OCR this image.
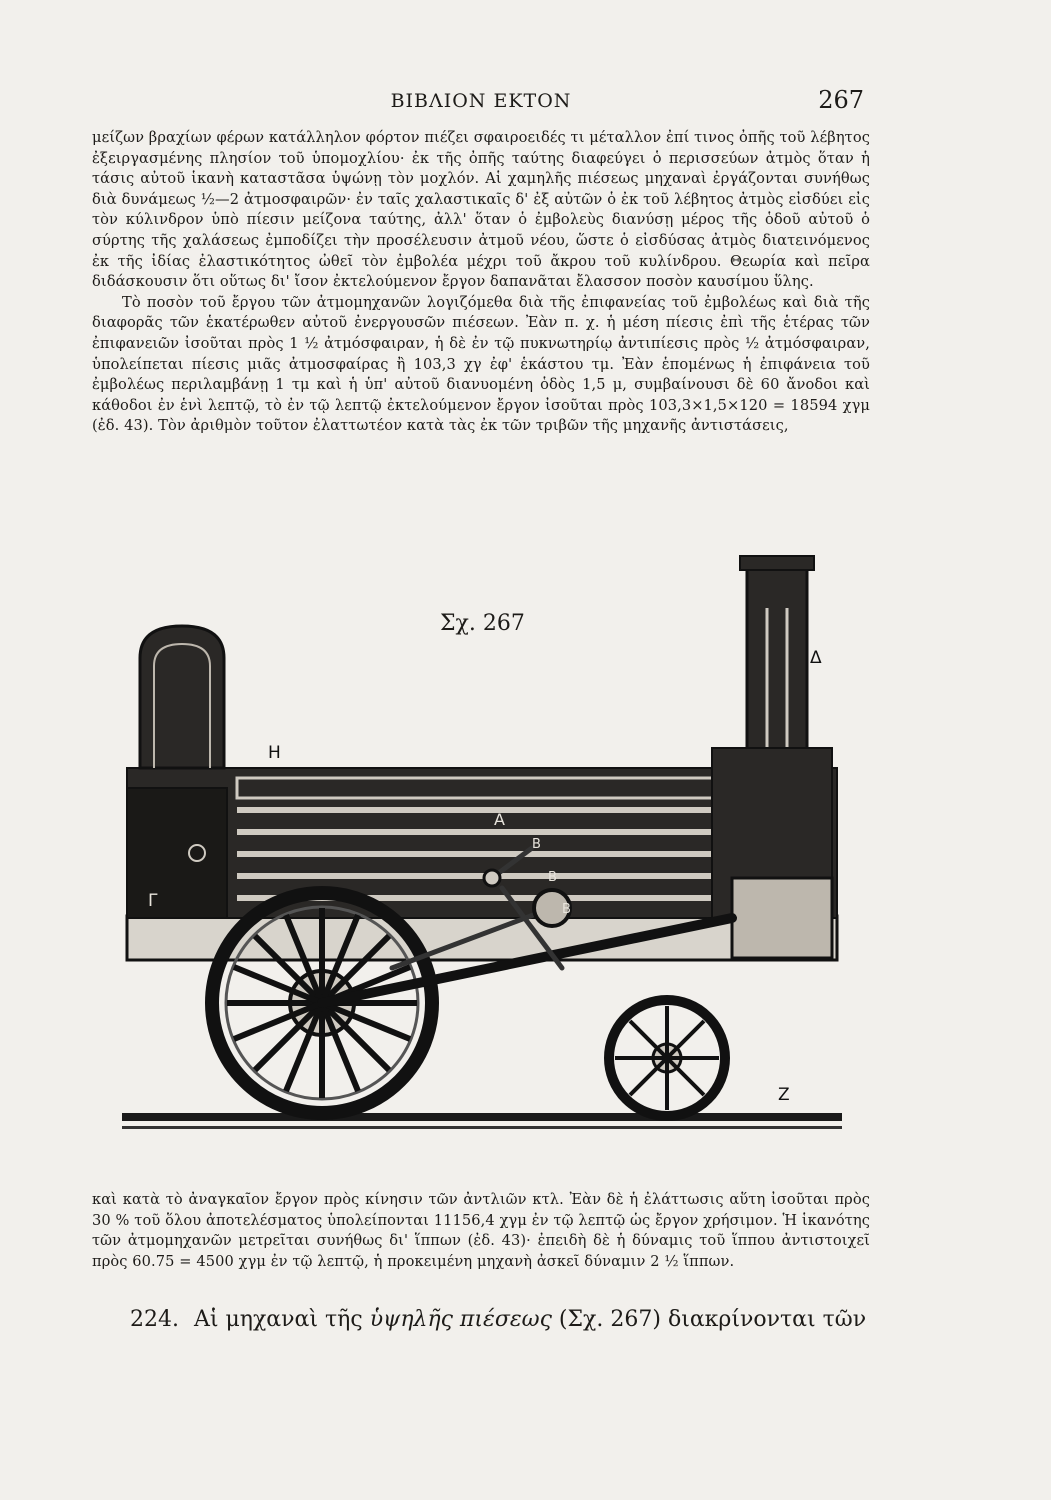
ΒΙΒΛΙΟΝ ΕΚΤΟΝ	267

μείζων βραχίων φέρων κατάλληλον φόρτον πιέζει σφαιροειδές τι μέταλλον ἐπί τινος ὀπῆς τοῦ λέβητος ἐξειργασμένης πλησίον τοῦ ὑπομοχλίου· ἐκ τῆς ὀπῆς ταύτης διαφεύγει ὁ περισσεύων ἀτμὸς ὅταν ἡ τάσις αὐτοῦ ἱκανὴ καταστᾶσα ὑψώνῃ τὸν μοχλόν. Αἱ χαμηλῆς πιέσεως μηχαναὶ ἐργάζονται συνήθως διὰ δυνάμεως ½—2 ἀτμοσφαιρῶν· ἐν ταῖς χαλαστικαῖς δ' ἐξ αὐτῶν ὁ ἐκ τοῦ λέβητος ἀτμὸς εἰσδύει εἰς τὸν κύλινδρον ὑπὸ πίεσιν μείζονα ταύτης, ἀλλ' ὅταν ὁ ἐμβολεὺς διανύσῃ μέρος τῆς ὁδοῦ αὐτοῦ ὁ σύρτης τῆς χαλάσεως ἐμποδίζει τὴν προσέλευσιν ἀτμοῦ νέου, ὥστε ὁ εἰσδύσας ἀτμὸς διατεινόμενος ἐκ τῆς ἰδίας ἐλαστικότητος ὠθεῖ τὸν ἐμβολέα μέχρι τοῦ ἄκρου τοῦ κυλίνδρου. Θεωρία καὶ πεῖρα διδάσκουσιν ὅτι οὕτως δι' ἴσον ἐκτελούμενον ἔργον δαπανᾶται ἔλασσον ποσὸν καυσίμου ὕλης.

Τὸ ποσὸν τοῦ ἔργου τῶν ἀτμομηχανῶν λογιζόμεθα διὰ τῆς ἐπιφανείας τοῦ ἐμβολέως καὶ διὰ τῆς διαφορᾶς τῶν ἑκατέρωθεν αὐτοῦ ἐνεργουσῶν πιέσεων. Ἐὰν π. χ. ἡ μέση πίεσις ἐπὶ τῆς ἑτέρας τῶν ἐπιφανειῶν ἰσοῦται πρὸς 1 ½ ἀτμόσφαιραν, ἡ δὲ ἐν τῷ πυκνωτηρίῳ ἀντιπίεσις πρὸς ½ ἀτμόσφαιραν, ὑπολείπεται πίεσις μιᾶς ἀτμοσφαίρας ἢ 103,3 χγ ἐφ' ἑκάστου τμ. Ἐὰν ἑπομένως ἡ ἐπιφάνεια τοῦ ἐμβολέως περιλαμβάνῃ 1 τμ καὶ ἡ ὑπ' αὐτοῦ διανυομένη ὁδὸς 1,5 μ, συμβαίνουσι δὲ 60 ἄνοδοι καὶ κάθοδοι ἐν ἑνὶ λεπτῷ, τὸ ἐν τῷ λεπτῷ ἐκτελούμενον ἔργον ἰσοῦται πρὸς 103,3×1,5×120 = 18594 χγμ (ἐδ. 43). Τὸν ἀριθμὸν τοῦτον ἐλαττωτέον κατὰ τὰς ἐκ τῶν τριβῶν τῆς μηχανῆς ἀντιστάσεις,

Σχ. 267
Δ
Η
Α
Β
Β
Β
Γ
Ζ

καὶ κατὰ τὸ ἀναγκαῖον ἔργον πρὸς κίνησιν τῶν ἀντλιῶν κτλ. Ἐὰν δὲ ἡ ἐλάττωσις αὕτη ἰσοῦται πρὸς 30 % τοῦ ὅλου ἀποτελέσματος ὑπολείπονται 11156,4 χγμ ἐν τῷ λεπτῷ ὡς ἔργον χρήσιμον. Ἡ ἱκανότης τῶν ἀτμομηχανῶν μετρεῖται συνήθως δι' ἵππων (ἐδ. 43)· ἐπειδὴ δὲ ἡ δύναμις τοῦ ἵππου ἀντιστοιχεῖ πρὸς 60.75 = 4500 χγμ ἐν τῷ λεπτῷ, ἡ προκειμένη μηχανὴ ἀσκεῖ δύναμιν 2 ½ ἵππων.

224. Αἱ μηχαναὶ τῆς ὑψηλῆς πιέσεως (Σχ. 267) διακρίνονται τῶν
